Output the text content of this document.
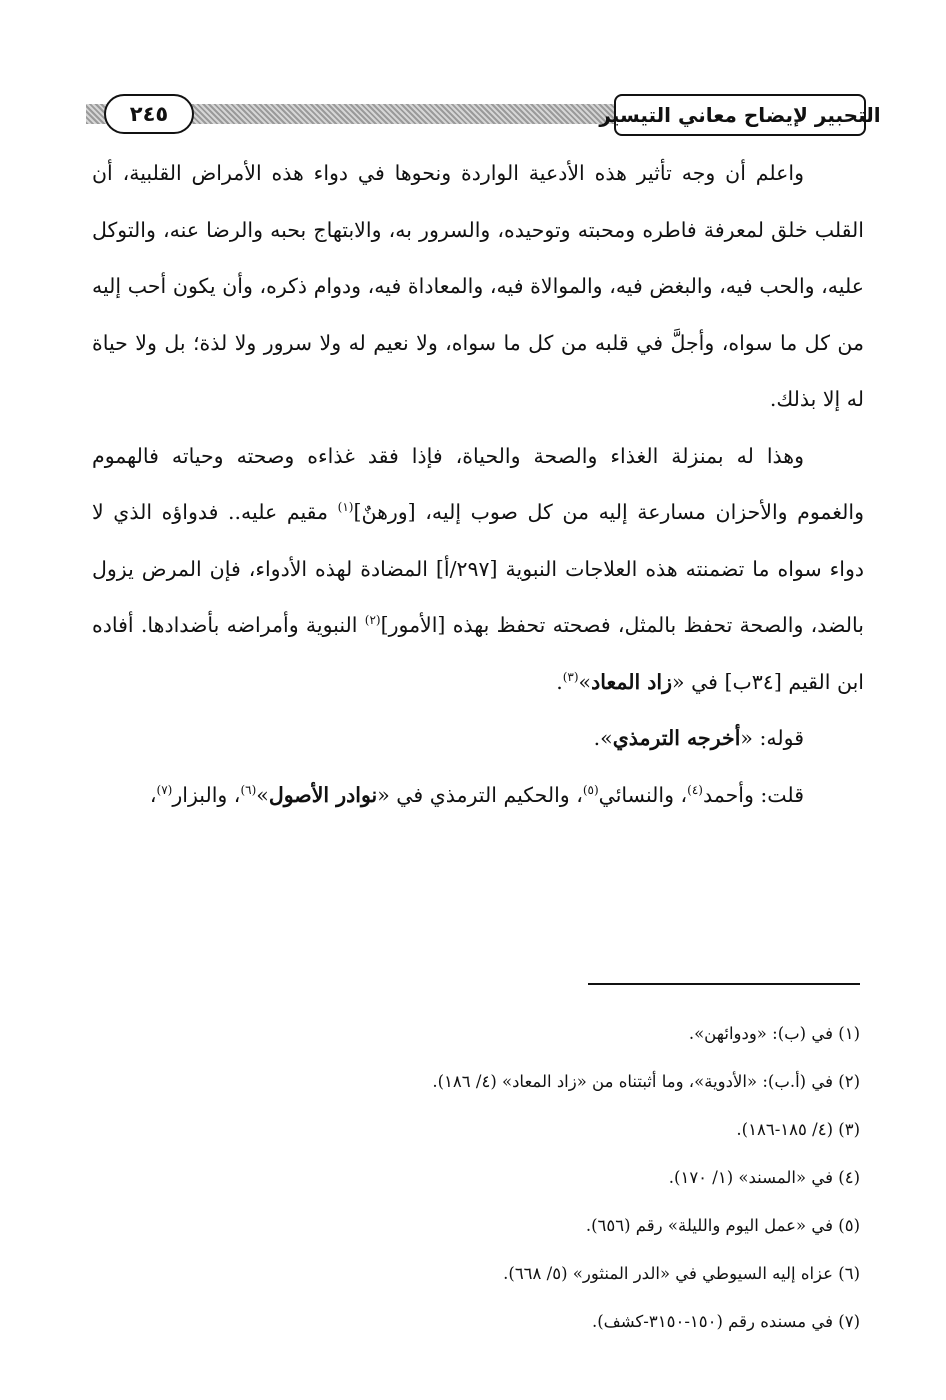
٢٤٥	التحبير لإيضاح معاني التيسير

واعلم أن وجه تأثير هذه الأدعية الواردة ونحوها في دواء هذه الأمراض القلبية، أن القلب خلق لمعرفة فاطره ومحبته وتوحيده، والسرور به، والابتهاج بحبه والرضا عنه، والتوكل عليه، والحب فيه، والبغض فيه، والموالاة فيه، والمعاداة فيه، ودوام ذكره، وأن يكون أحب إليه من كل ما سواه، وأجلَّ في قلبه من كل ما سواه، ولا نعيم له ولا سرور ولا لذة؛ بل ولا حياة له إلا بذلك.

وهذا له بمنزلة الغذاء والصحة والحياة، فإذا فقد غذاءه وصحته وحياته فالهموم والغموم والأحزان مسارعة إليه من كل صوب إليه، [ورهنٌ]$^{(١)}$ مقيم عليه.. فدواؤه الذي لا دواء سواه ما تضمنته هذه العلاجات النبوية [٢٩٧/أ] المضادة لهذه الأدواء، فإن المرض يزول بالضد، والصحة تحفظ بالمثل، فصحته تحفظ بهذه [الأمور]$^{(٢)}$ النبوية وأمراضه بأضدادها. أفاده ابن القيم [٣٤ب] في «زاد المعاد»$^{(٣)}$.

قوله: «أخرجه الترمذي».

قلت: وأحمد$^{(٤)}$، والنسائي$^{(٥)}$، والحكيم الترمذي في «نوادر الأصول»$^{(٦)}$، والبزار$^{(٧)}$،

(١) في (ب): «ودوائهن».

(٢) في (أ.ب): «الأدوية»، وما أثبتناه من «زاد المعاد» (٤/ ١٨٦).

(٣) (٤/ ١٨٥-١٨٦).

(٤) في «المسند» (١/ ١٧٠).

(٥) في «عمل اليوم والليلة» رقم (٦٥٦).

(٦) عزاه إليه السيوطي في «الدر المنثور» (٥/ ٦٦٨).

(٧) في مسنده رقم (١٥٠-٣١٥٠-كشف).
